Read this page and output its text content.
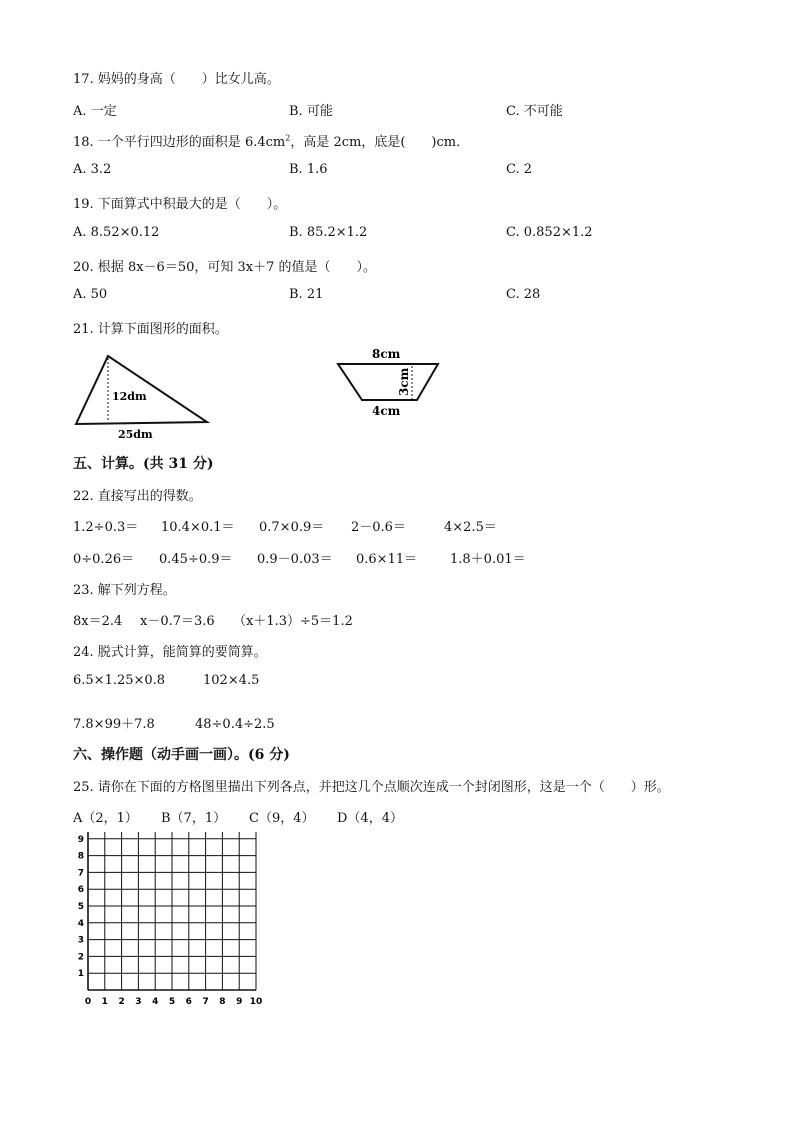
17. 妈妈的身高（　　）比女儿高。
A. 一定	B. 可能	C. 不可能
18. 一个平行四边形的面积是 $6.4cm^2$，高是 2cm，底是(　　)cm．
A. 3.2	B. 1.6	C. 2
19. 下面算式中积最大的是（　　）。
A. 8.52×0.12	B. 85.2×1.2	C. 0.852×1.2
20. 根据 8x－6＝50，可知 3x＋7 的值是（　　）。
A. 50	B. 21	C. 28
21. 计算下面图形的面积。
12dm
25dm
8cm
3cm
4cm
五、计算。(共 31 分)
22. 直接写出的得数。
1.2÷0.3＝ 10.4×0.1＝ 0.7×0.9＝ 2－0.6＝	4×2.5＝
0÷0.26＝ 0.45÷0.9＝ 0.9－0.03＝ 0.6×11＝	1.8＋0.01＝
23. 解下列方程。
8x＝2.4 x－0.7＝3.6 （x＋1.3）÷5＝1.2
24. 脱式计算，能简算的要简算。
6.5×1.25×0.8	102×4.5
7.8×99＋7.8	48÷0.4÷2.5
六、操作题（动手画一画）。(6 分)
25. 请你在下面的方格图里描出下列各点，并把这几个点顺次连成一个封闭图形，这是一个（　　）形。
A（2，1） B（7，1） C（9，4） D（4，4）
0 1 2 3 4 5 6 7 8 9 10
1
2
3
4
5
6
7
8
9
